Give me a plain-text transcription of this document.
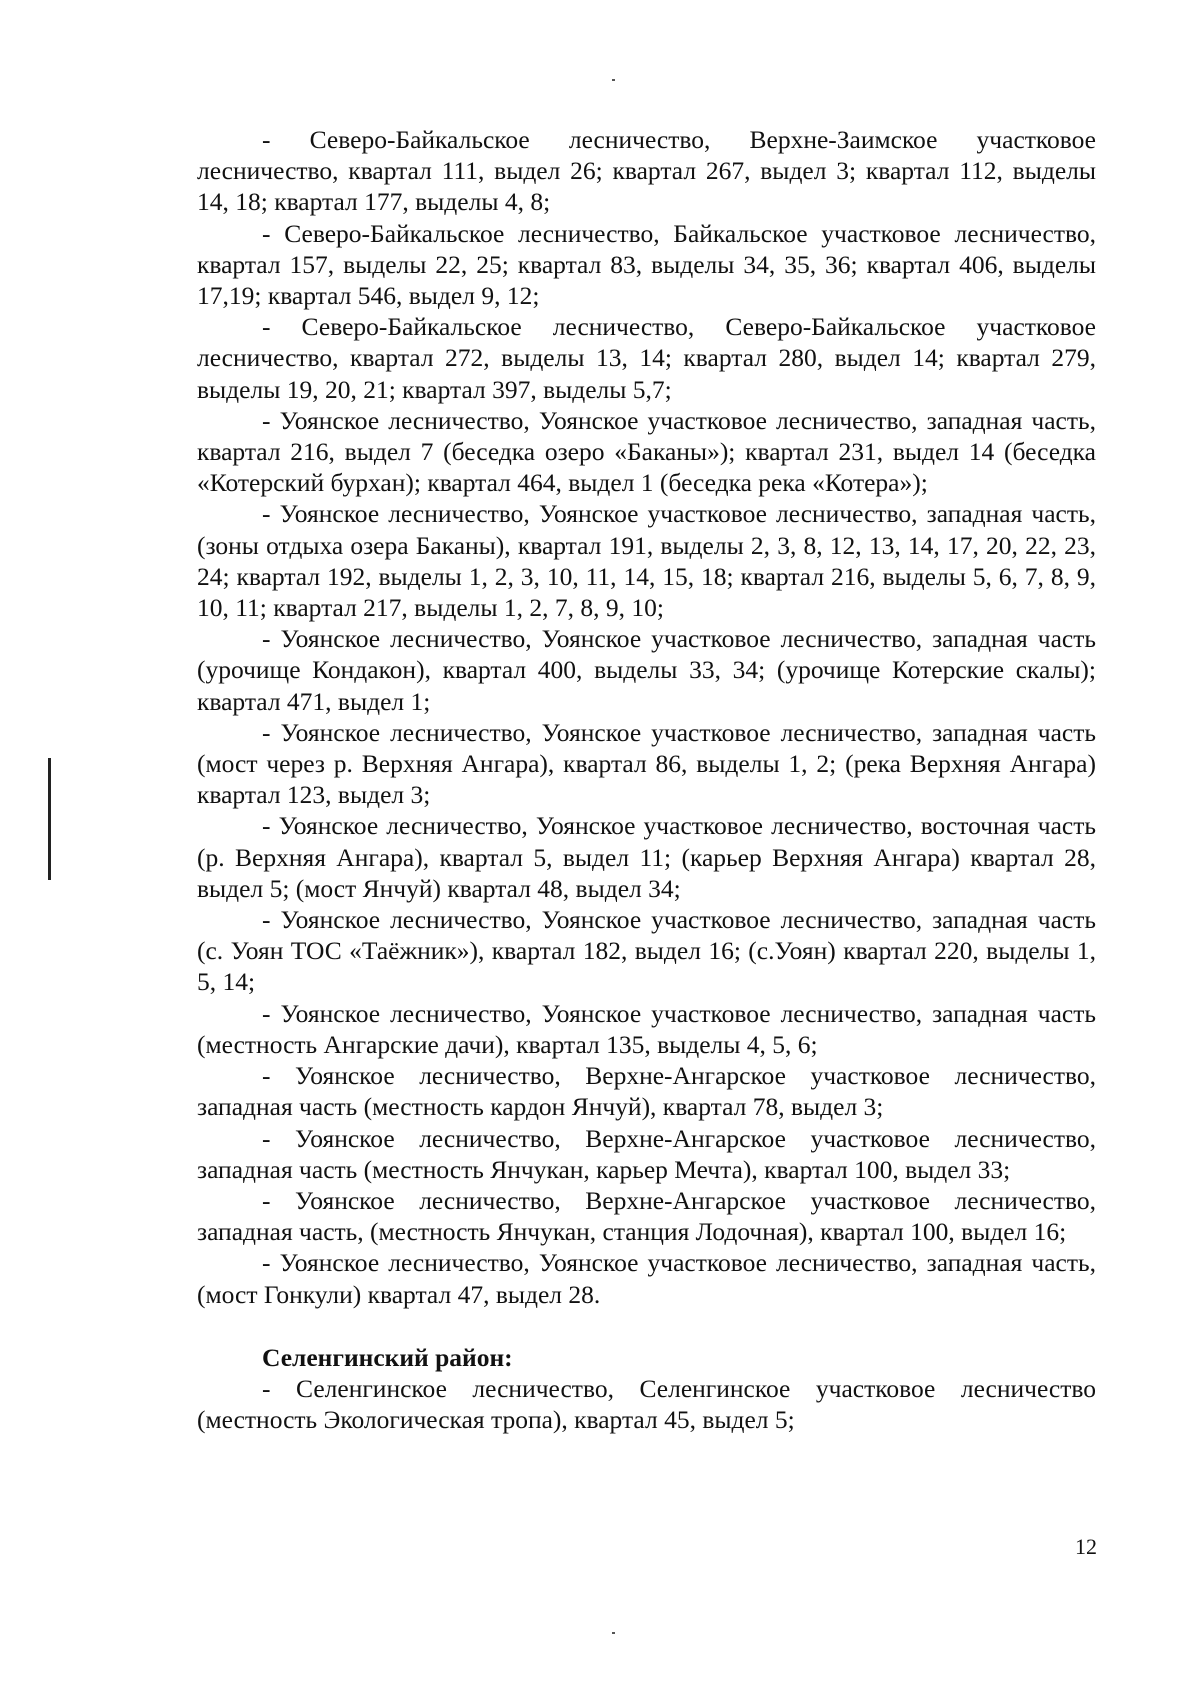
- Северо-Байкальское лесничество, Верхне-Заимское участковое лесничество, квартал 111, выдел 26; квартал 267, выдел 3; квартал 112, выделы 14, 18; квартал 177, выделы 4, 8;

- Северо-Байкальское лесничество, Байкальское участковое лесничество, квартал 157, выделы 22, 25; квартал 83, выделы 34, 35, 36; квартал 406, выделы 17,19; квартал 546, выдел 9, 12;

- Северо-Байкальское лесничество, Северо-Байкальское участковое лесничество, квартал 272, выделы 13, 14; квартал 280, выдел 14; квартал 279, выделы 19, 20, 21; квартал 397, выделы 5,7;

- Уоянское лесничество, Уоянское участковое лесничество, западная часть, квартал 216, выдел 7 (беседка озеро «Баканы»); квартал 231, выдел 14 (беседка «Котерский бурхан); квартал 464, выдел 1 (беседка река «Котера»);

- Уоянское лесничество, Уоянское участковое лесничество, западная часть, (зоны отдыха озера Баканы), квартал 191, выделы 2, 3, 8, 12, 13, 14, 17, 20, 22, 23, 24; квартал 192, выделы 1, 2, 3, 10, 11, 14, 15, 18; квартал 216, выделы 5, 6, 7, 8, 9, 10, 11; квартал 217, выделы 1, 2, 7, 8, 9, 10;

- Уоянское лесничество, Уоянское участковое лесничество, западная часть (урочище Кондакон), квартал 400, выделы 33, 34; (урочище Котерские скалы); квартал 471, выдел 1;

- Уоянское лесничество, Уоянское участковое лесничество, западная часть (мост через р. Верхняя Ангара), квартал 86, выделы 1, 2; (река Верхняя Ангара) квартал 123, выдел 3;

- Уоянское лесничество, Уоянское участковое лесничество, восточная часть (р. Верхняя Ангара), квартал 5, выдел 11; (карьер Верхняя Ангара) квартал 28, выдел 5; (мост Янчуй) квартал 48, выдел 34;

- Уоянское лесничество, Уоянское участковое лесничество, западная часть (с. Уоян ТОС «Таёжник»), квартал 182, выдел 16; (с.Уоян) квартал 220, выделы 1, 5, 14;

- Уоянское лесничество, Уоянское участковое лесничество, западная часть (местность Ангарские дачи), квартал 135, выделы 4, 5, 6;

- Уоянское лесничество, Верхне-Ангарское участковое лесничество, западная часть (местность кардон Янчуй), квартал 78, выдел 3;

- Уоянское лесничество, Верхне-Ангарское участковое лесничество, западная часть (местность Янчукан, карьер Мечта), квартал 100, выдел 33;

- Уоянское лесничество, Верхне-Ангарское участковое лесничество, западная часть, (местность Янчукан, станция Лодочная), квартал 100, выдел 16;

- Уоянское лесничество, Уоянское участковое лесничество, западная часть, (мост Гонкули) квартал 47, выдел 28.

Селенгинский район:

- Селенгинское лесничество, Селенгинское участковое лесничество (местность Экологическая тропа), квартал 45, выдел 5;

12
